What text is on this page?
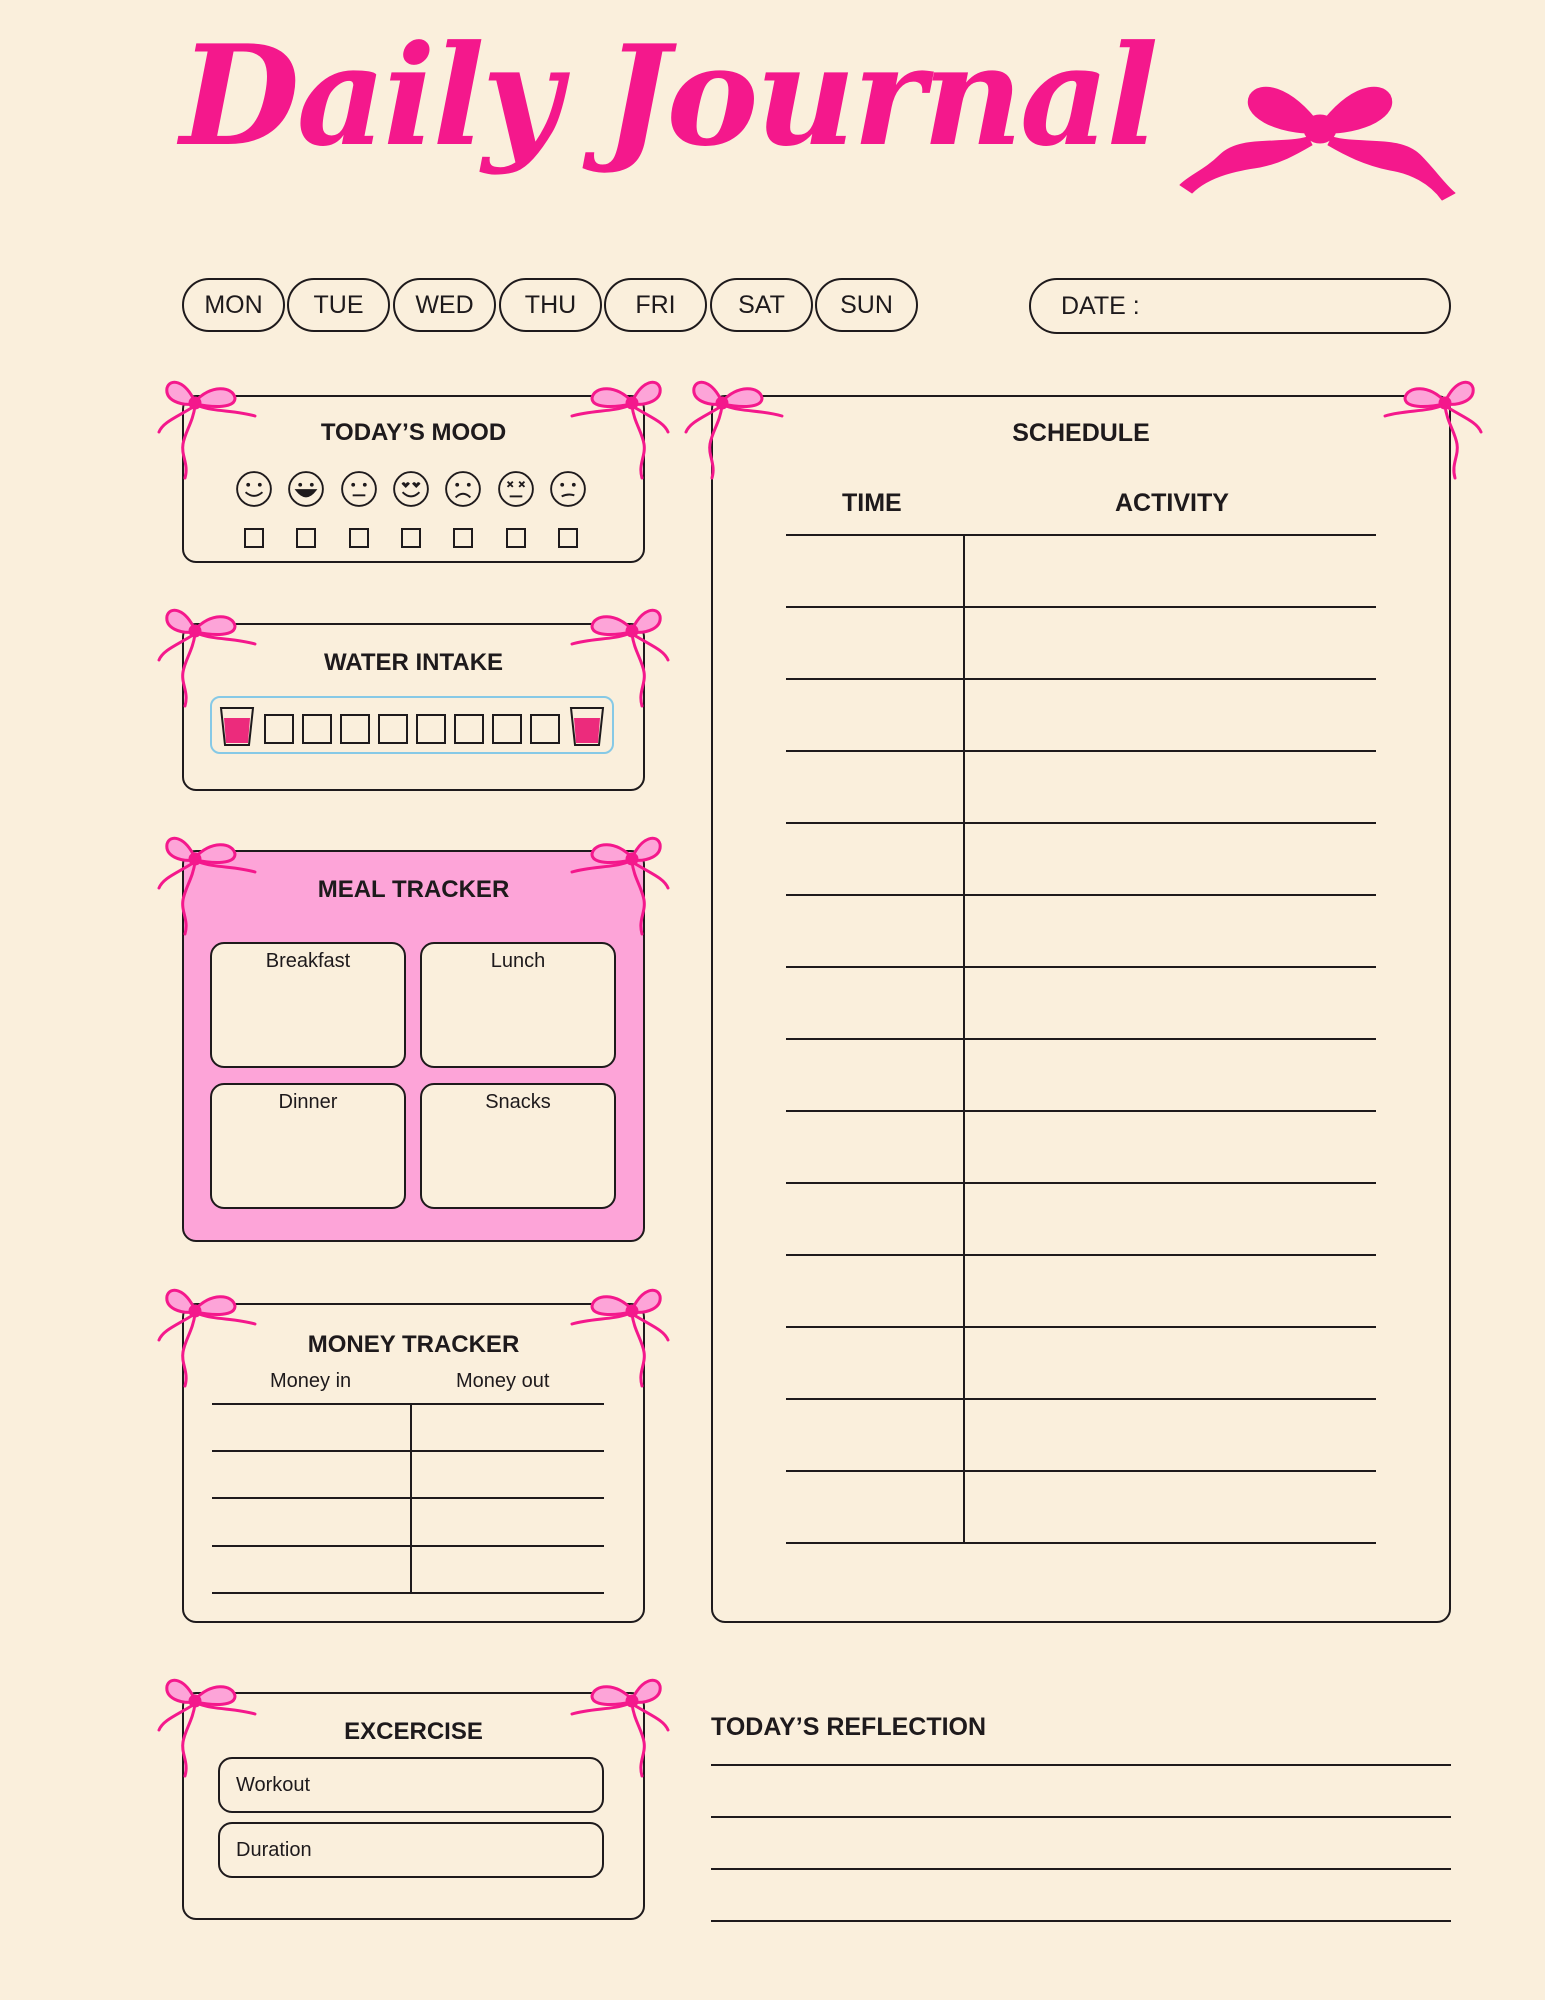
Daily Journal
MON	TUE	WED	THU	FRI	SAT	SUN	DATE :
TODAY’S MOOD
WATER INTAKE
MEAL TRACKER
Breakfast	Lunch
Dinner	Snacks
MONEY TRACKER
Money in	Money out
EXCERCISE
Workout
Duration
SCHEDULE
TIME	ACTIVITY
TODAY’S REFLECTION
